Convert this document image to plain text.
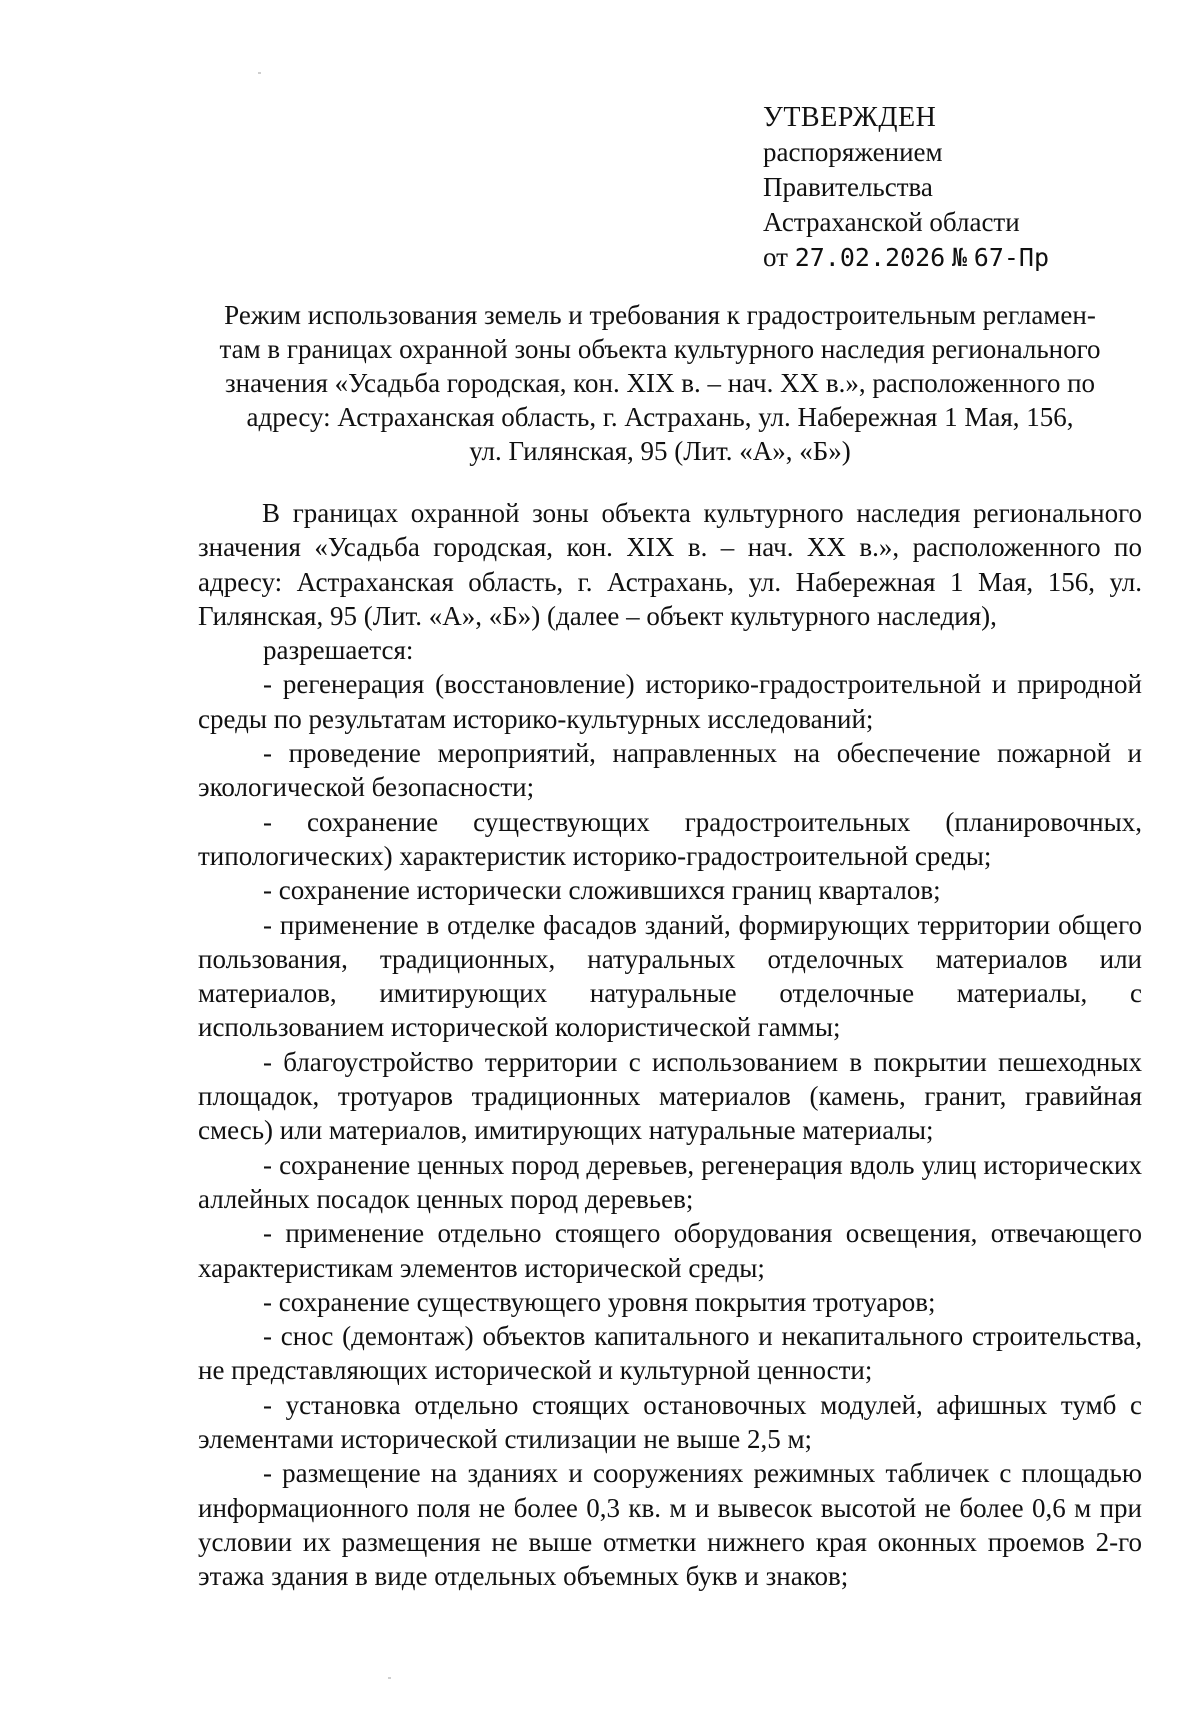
УТВЕРЖДЕН
распоряжением
Правительства
Астраханской области
от 27.02.2026 № 67-Пр
Режим использования земель и требования к градостроительным регламен-
там в границах охранной зоны объекта культурного наследия регионального
значения «Усадьба городская, кон. XIX в. – нач. XX в.», расположенного по
адресу: Астраханская область, г. Астрахань, ул. Набережная 1 Мая, 156,
ул. Гилянская, 95 (Лит. «А», «Б»)

В границах охранной зоны объекта культурного наследия регионального значения «Усадьба городская, кон. XIX в. – нач. XX в.», расположенного по адресу: Астраханская область, г. Астрахань, ул. Набережная 1 Мая, 156, ул. Гилянская, 95 (Лит. «А», «Б») (далее – объект культурного наследия),

разрешается:

- регенерация (восстановление) историко-градостроительной и природной среды по результатам историко-культурных исследований;

- проведение мероприятий, направленных на обеспечение пожарной и экологической безопасности;

- сохранение существующих градостроительных (планировочных, типологических) характеристик историко-градостроительной среды;

- сохранение исторически сложившихся границ кварталов;

- применение в отделке фасадов зданий, формирующих территории общего пользования, традиционных, натуральных отделочных материалов или материалов, имитирующих натуральные отделочные материалы, с использованием исторической колористической гаммы;

- благоустройство территории с использованием в покрытии пешеходных площадок, тротуаров традиционных материалов (камень, гранит, гравийная смесь) или материалов, имитирующих натуральные материалы;

- сохранение ценных пород деревьев, регенерация вдоль улиц исторических аллейных посадок ценных пород деревьев;

- применение отдельно стоящего оборудования освещения, отвечающего характеристикам элементов исторической среды;

- сохранение существующего уровня покрытия тротуаров;

- снос (демонтаж) объектов капитального и некапитального строительства, не представляющих исторической и культурной ценности;

- установка отдельно стоящих остановочных модулей, афишных тумб с элементами исторической стилизации не выше 2,5 м;

- размещение на зданиях и сооружениях режимных табличек с площадью информационного поля не более 0,3 кв. м и вывесок высотой не более 0,6 м при условии их размещения не выше отметки нижнего края оконных проемов 2-го этажа здания в виде отдельных объемных букв и знаков;
